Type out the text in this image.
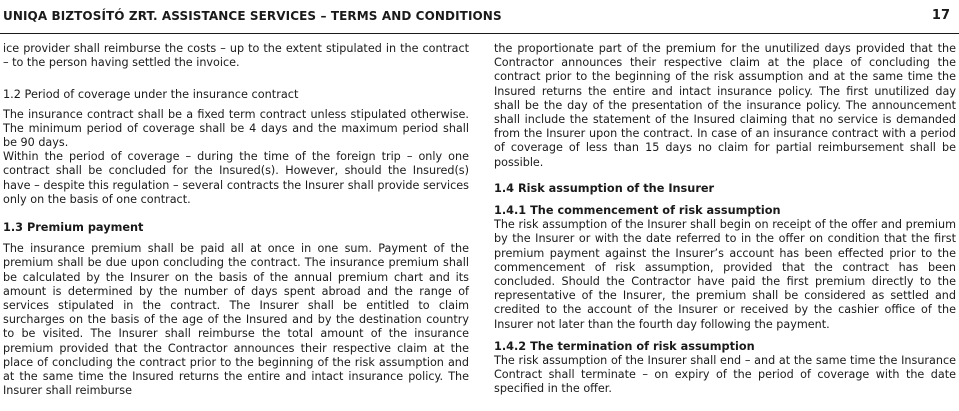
UNIQA BIZTOSÍTÓ ZRT. ASSISTANCE SERVICES – TERMS AND CONDITIONS	17

ice provider shall reimburse the costs – up to the extent stipulated in the contract – to the person having settled the invoice.

1.2 Period of coverage under the insurance contract

The insurance contract shall be a fixed term contract unless stipulated otherwise. The minimum period of coverage shall be 4 days and the maximum period shall be 90 days.

Within the period of coverage – during the time of the foreign trip – only one contract shall be concluded for the Insured(s). However, should the Insured(s) have – despite this regulation – several contracts the Insurer shall provide services only on the basis of one contract.

1.3 Premium payment

The insurance premium shall be paid all at once in one sum. Payment of the premium shall be due upon concluding the contract. The insurance premium shall be calculated by the Insurer on the basis of the annual premium chart and its amount is determined by the number of days spent abroad and the range of services stipulated in the contract. The Insurer shall be entitled to claim surcharges on the basis of the age of the Insured and by the destination country to be visited. The Insurer shall reimburse the total amount of the insurance premium provided that the Contractor announces their respective claim at the place of concluding the contract prior to the beginning of the risk assumption and at the same time the Insured returns the entire and intact insurance policy. The Insurer shall reimburse

the proportionate part of the premium for the unutilized days provided that the Contractor announces their respective claim at the place of concluding the contract prior to the beginning of the risk assumption and at the same time the Insured returns the entire and intact insurance policy. The first unutilized day shall be the day of the presentation of the insurance policy. The announcement shall include the statement of the Insured claiming that no service is demanded from the Insurer upon the contract. In case of an insurance contract with a period of coverage of less than 15 days no claim for partial reimbursement shall be possible.

1.4 Risk assumption of the Insurer
1.4.1 The commencement of risk assumption

The risk assumption of the Insurer shall begin on receipt of the offer and premium by the Insurer or with the date referred to in the offer on condition that the first premium payment against the Insurer’s account has been effected prior to the commencement of risk assumption, provided that the contract has been concluded. Should the Contractor have paid the first premium directly to the representative of the Insurer, the premium shall be considered as settled and credited to the account of the Insurer or received by the cashier office of the Insurer not later than the fourth day following the payment.

1.4.2 The termination of risk assumption

The risk assumption of the Insurer shall end – and at the same time the Insurance Contract shall terminate – on expiry of the period of coverage with the date specified in the offer.
